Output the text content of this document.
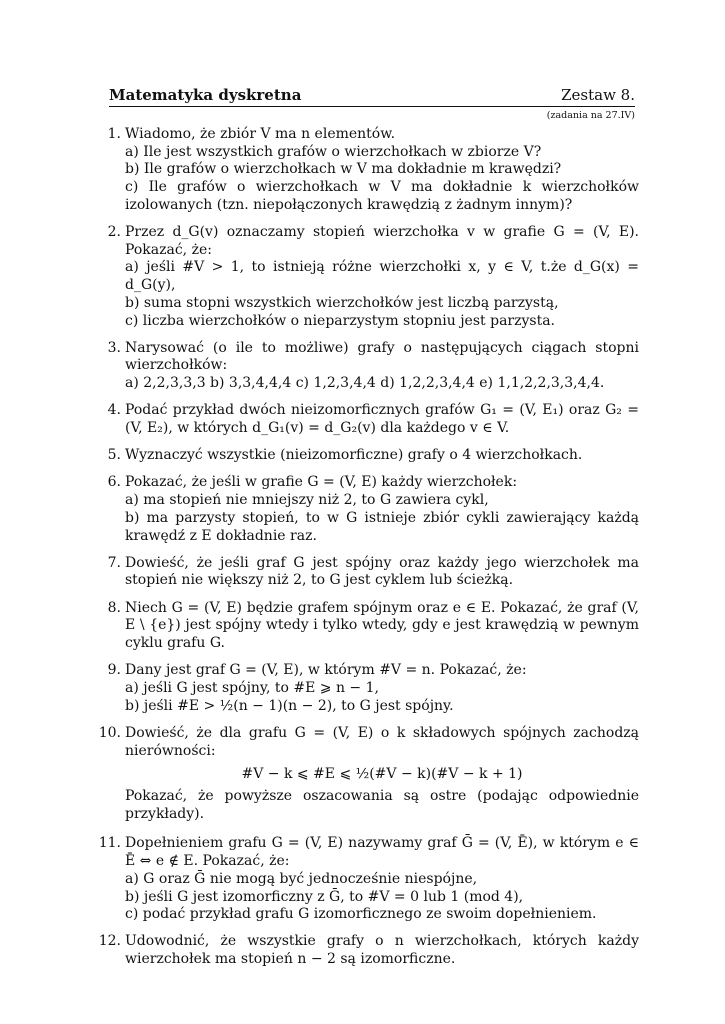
Matematyka dyskretna	Zestaw 8.
(zadania na 27.IV)
1. Wiadomo, że zbiór V ma n elementów.
a) Ile jest wszystkich grafów o wierzchołkach w zbiorze V?
b) Ile grafów o wierzchołkach w V ma dokładnie m krawędzi?
c) Ile grafów o wierzchołkach w V ma dokładnie k wierzchołków izolowanych (tzn. niepołączonych krawędzią z żadnym innym)?
2. Przez d_G(v) oznaczamy stopień wierzchołka v w grafie G = (V, E). Pokazać, że:
a) jeśli #V > 1, to istnieją różne wierzchołki x, y ∈ V, t.że d_G(x) = d_G(y),
b) suma stopni wszystkich wierzchołków jest liczbą parzystą,
c) liczba wierzchołków o nieparzystym stopniu jest parzysta.
3. Narysować (o ile to możliwe) grafy o następujących ciągach stopni wierzchołków:
a) 2,2,3,3,3 b) 3,3,4,4,4 c) 1,2,3,4,4 d) 1,2,2,3,4,4 e) 1,1,2,2,3,3,4,4.
4. Podać przykład dwóch nieizomorficznych grafów G₁ = (V, E₁) oraz G₂ = (V, E₂), w których d_G₁(v) = d_G₂(v) dla każdego v ∈ V.
5. Wyznaczyć wszystkie (nieizomorficzne) grafy o 4 wierzchołkach.
6. Pokazać, że jeśli w grafie G = (V, E) każdy wierzchołek:
a) ma stopień nie mniejszy niż 2, to G zawiera cykl,
b) ma parzysty stopień, to w G istnieje zbiór cykli zawierający każdą krawędź z E dokładnie raz.
7. Dowieść, że jeśli graf G jest spójny oraz każdy jego wierzchołek ma stopień nie większy niż 2, to G jest cyklem lub ścieżką.
8. Niech G = (V, E) będzie grafem spójnym oraz e ∈ E. Pokazać, że graf (V, E \ {e}) jest spójny wtedy i tylko wtedy, gdy e jest krawędzią w pewnym cyklu grafu G.
9. Dany jest graf G = (V, E), w którym #V = n. Pokazać, że:
a) jeśli G jest spójny, to #E ⩾ n − 1,
b) jeśli #E > ½(n − 1)(n − 2), to G jest spójny.
10. Dowieść, że dla grafu G = (V, E) o k składowych spójnych zachodzą nierówności:
#V − k ⩽ #E ⩽ ½(#V − k)(#V − k + 1)
Pokazać, że powyższe oszacowania są ostre (podając odpowiednie przykłady).
11. Dopełnieniem grafu G = (V, E) nazywamy graf Ḡ = (V, Ē), w którym e ∈ Ē ⇔ e ∉ E. Pokazać, że:
a) G oraz Ḡ nie mogą być jednocześnie niespójne,
b) jeśli G jest izomorficzny z Ḡ, to #V = 0 lub 1 (mod 4),
c) podać przykład grafu G izomorficznego ze swoim dopełnieniem.
12. Udowodnić, że wszystkie grafy o n wierzchołkach, których każdy wierzchołek ma stopień n − 2 są izomorficzne.
